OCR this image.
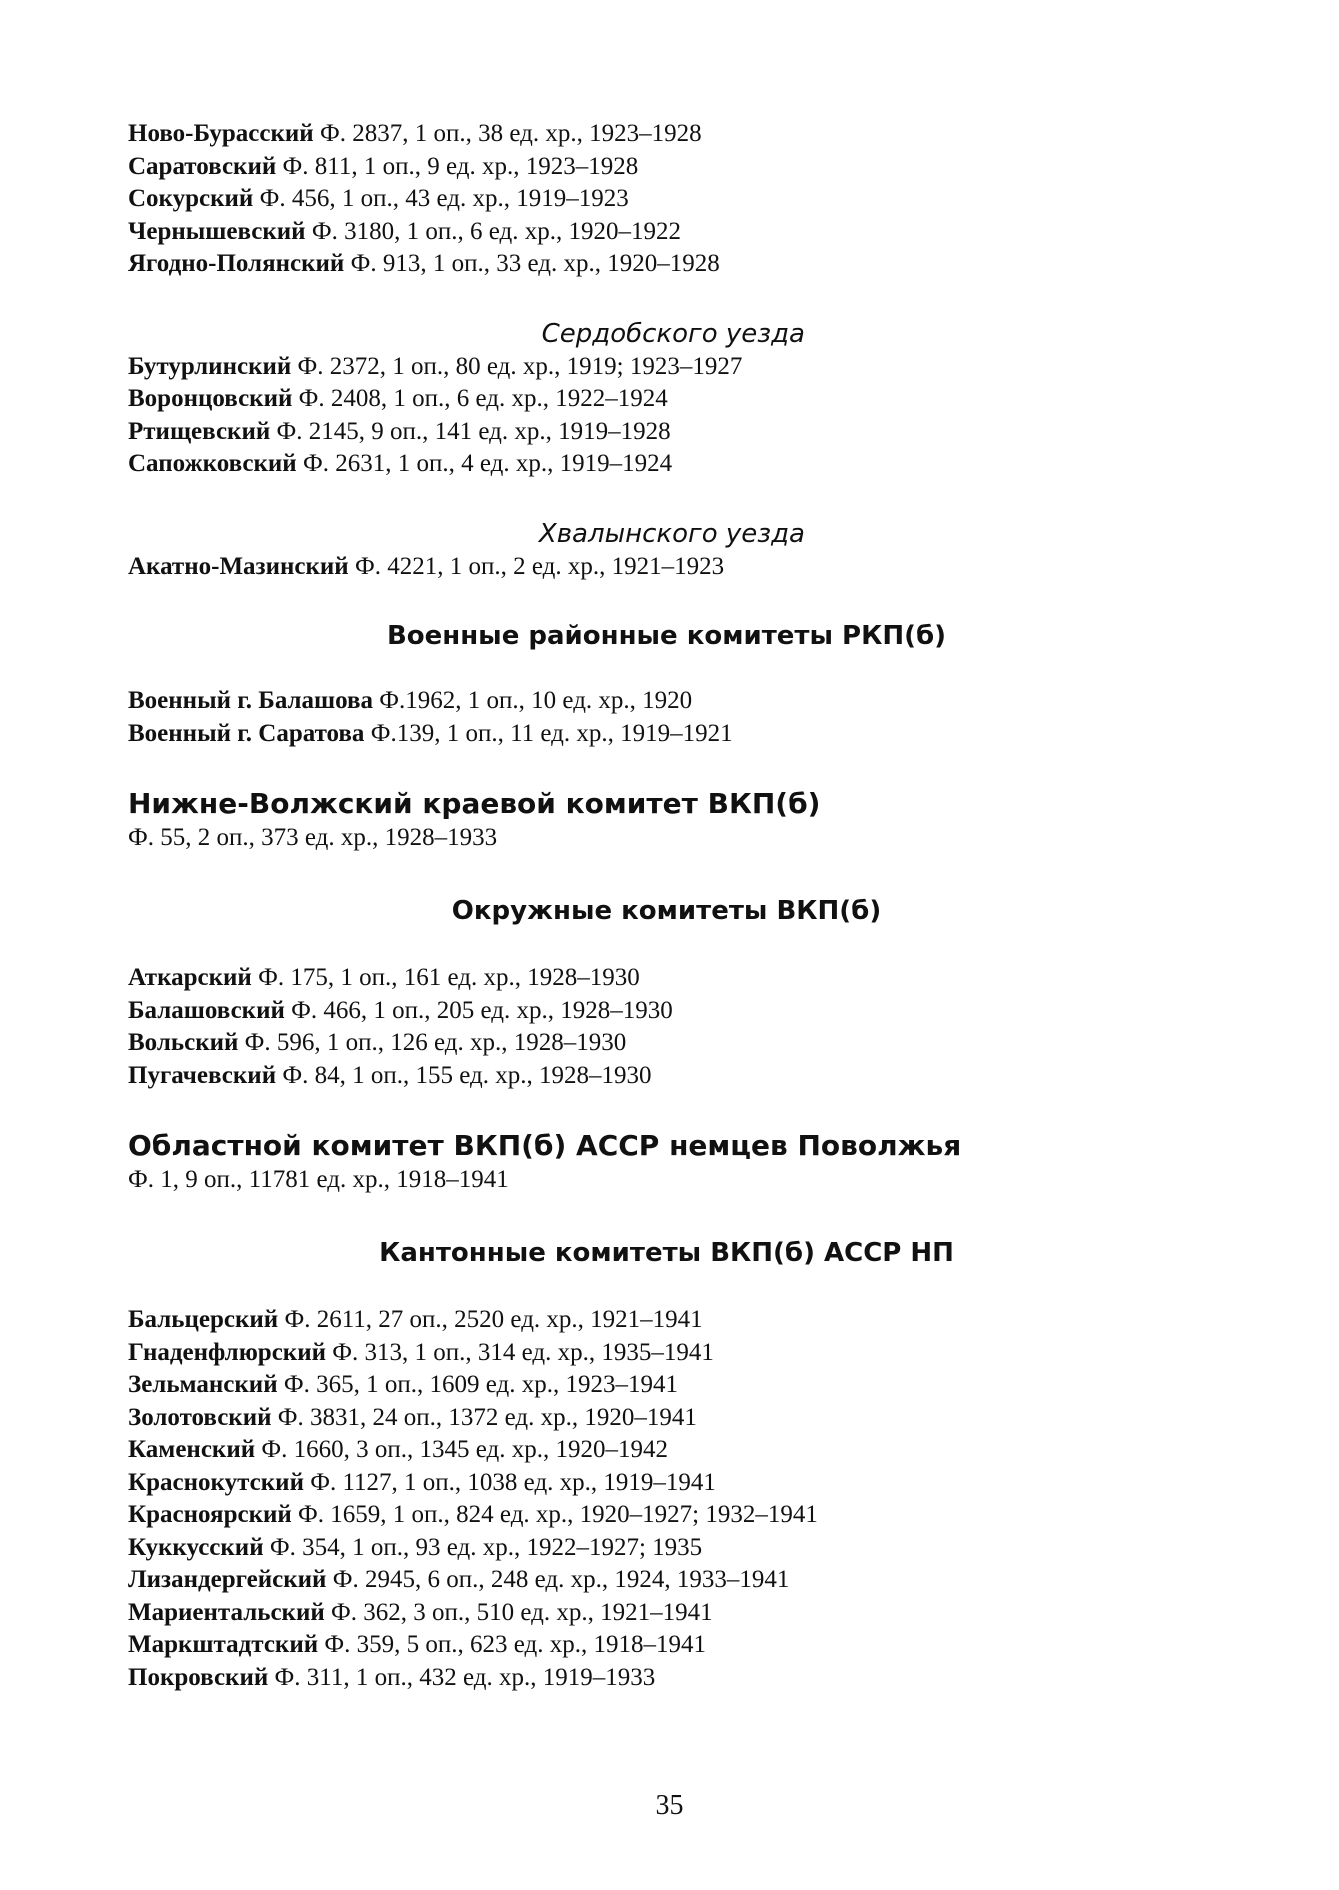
Ново-Бурасский Ф. 2837, 1 оп., 38 ед. хр., 1923–1928
Саратовский Ф. 811, 1 оп., 9 ед. хр., 1923–1928
Сокурский Ф. 456, 1 оп., 43 ед. хр., 1919–1923
Чернышевский Ф. 3180, 1 оп., 6 ед. хр., 1920–1922
Ягодно-Полянский Ф. 913, 1 оп., 33 ед. хр., 1920–1928
Сердобского уезда
Бутурлинский Ф. 2372, 1 оп., 80 ед. хр., 1919; 1923–1927
Воронцовский Ф. 2408, 1 оп., 6 ед. хр., 1922–1924
Ртищевский Ф. 2145, 9 оп., 141 ед. хр., 1919–1928
Сапожковский Ф. 2631, 1 оп., 4 ед. хр., 1919–1924
Хвалынского уезда
Акатно-Мазинский Ф. 4221, 1 оп., 2 ед. хр., 1921–1923
Военные районные комитеты РКП(б)
Военный г. Балашова Ф.1962, 1 оп., 10 ед. хр., 1920
Военный г. Саратова Ф.139, 1 оп., 11 ед. хр., 1919–1921
Нижне-Волжский краевой комитет ВКП(б)
Ф. 55, 2 оп., 373 ед. хр., 1928–1933
Окружные комитеты ВКП(б)
Аткарский Ф. 175, 1 оп., 161 ед. хр., 1928–1930
Балашовский Ф. 466, 1 оп., 205 ед. хр., 1928–1930
Вольский Ф. 596, 1 оп., 126 ед. хр., 1928–1930
Пугачевский Ф. 84, 1 оп., 155 ед. хр., 1928–1930
Областной комитет ВКП(б) АССР немцев Поволжья
Ф. 1, 9 оп., 11781 ед. хр., 1918–1941
Кантонные комитеты ВКП(б) АССР НП
Бальцерский Ф. 2611, 27 оп., 2520 ед. хр., 1921–1941
Гнаденфлюрский Ф. 313, 1 оп., 314 ед. хр., 1935–1941
Зельманский Ф. 365, 1 оп., 1609 ед. хр., 1923–1941
Золотовский Ф. 3831, 24 оп., 1372 ед. хр., 1920–1941
Каменский Ф. 1660, 3 оп., 1345 ед. хр., 1920–1942
Краснокутский Ф. 1127, 1 оп., 1038 ед. хр., 1919–1941
Красноярский Ф. 1659, 1 оп., 824 ед. хр., 1920–1927; 1932–1941
Куккусский Ф. 354, 1 оп., 93 ед. хр., 1922–1927; 1935
Лизандергейский Ф. 2945, 6 оп., 248 ед. хр., 1924, 1933–1941
Мариентальский Ф. 362, 3 оп., 510 ед. хр., 1921–1941
Маркштадтский Ф. 359, 5 оп., 623 ед. хр., 1918–1941
Покровский Ф. 311, 1 оп., 432 ед. хр., 1919–1933
35
